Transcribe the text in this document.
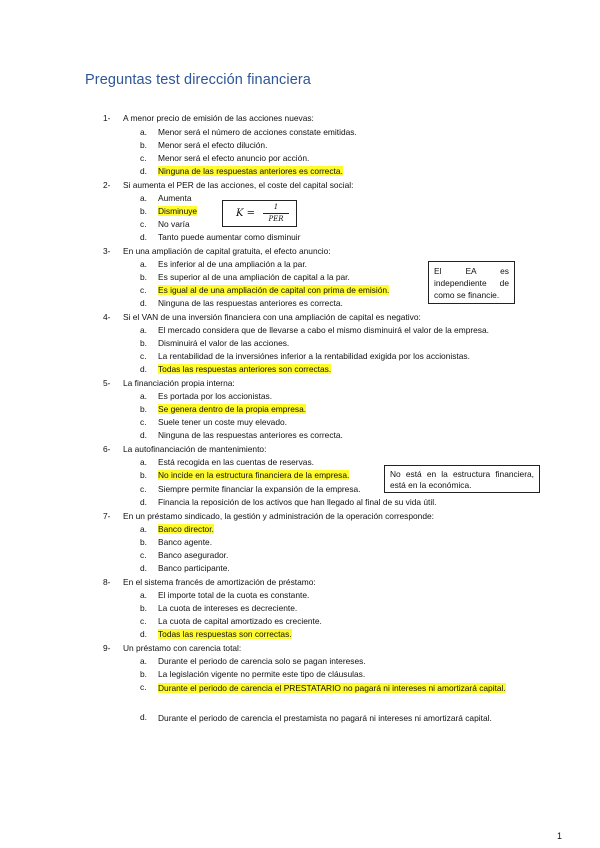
Preguntas test dirección financiera
1- A menor precio de emisión de las acciones nuevas:
a. Menor será el número de acciones constate emitidas.
b. Menor será el efecto dilución.
c. Menor será el efecto anuncio por acción.
d. Ninguna de las respuestas anteriores es correcta.
2- Si aumenta el PER de las acciones, el coste del capital social:
a. Aumenta
b. Disminuye
c. No varía
d. Tanto puede aumentar como disminuir
K =
1
PER
3- En una ampliación de capital gratuita, el efecto anuncio:
a. Es inferior al de una ampliación a la par.
b. Es superior al de una ampliación de capital a la par.
c. Es igual al de una ampliación de capital con prima de emisión.
d. Ninguna de las respuestas anteriores es correcta.
El EA es independiente de como se financie.
4- Si el VAN de una inversión financiera con una ampliación de capital es negativo:
a. El mercado considera que de llevarse a cabo el mismo disminuirá el valor de la empresa.
b. Disminuirá el valor de las acciones.
c. La rentabilidad de la inversiónes inferior a la rentabilidad exigida por los accionistas.
d. Todas las respuestas anteriores son correctas.
5- La financiación propia interna:
a. Es portada por los accionistas.
b. Se genera dentro de la propia empresa.
c. Suele tener un coste muy elevado.
d. Ninguna de las respuestas anteriores es correcta.
6- La autofinanciación de mantenimiento:
a. Está recogida en las cuentas de reservas.
b. No incide en la estructura financiera de la empresa.
c. Siempre permite financiar la expansión de la empresa.
d. Financia la reposición de los activos que han llegado al final de su vida útil.
No está en la estructura financiera, está en la económica.
7- En un préstamo sindicado, la gestión y administración de la operación corresponde:
a. Banco director.
b. Banco agente.
c. Banco asegurador.
d. Banco participante.
8- En el sistema francés de amortización de préstamo:
a. El importe total de la cuota es constante.
b. La cuota de intereses es decreciente.
c. La cuota de capital amortizado es creciente.
d. Todas las respuestas son correctas.
9- Un préstamo con carencia total:
a. Durante el periodo de carencia solo se pagan intereses.
b. La legislación vigente no permite este tipo de cláusulas.
c.	Durante el periodo de carencia el PRESTATARIO no pagará ni intereses ni amortizará capital.
d.	Durante el periodo de carencia el prestamista no pagará ni intereses ni amortizará capital.
1
